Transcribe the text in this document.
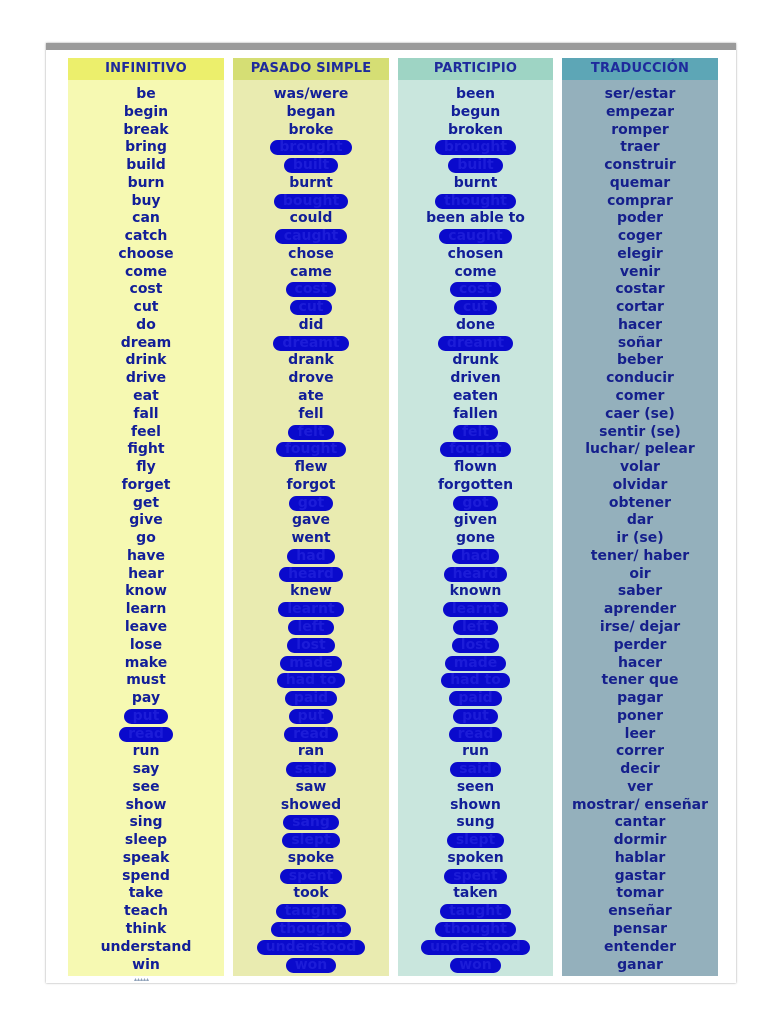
INFINITIVO
be
begin
break
bring
build
burn
buy
can
catch
choose
come
cost
cut
do
dream
drink
drive
eat
fall
feel
fight
fly
forget
get
give
go
have
hear
know
learn
leave
lose
make
must
pay
put
read
run
say
see
show
sing
sleep
speak
spend
take
teach
think
understand
win
PASADO SIMPLE
was/were
began
broke
brought
built
burnt
bought
could
caught
chose
came
cost
cut
did
dreamt
drank
drove
ate
fell
felt
fought
flew
forgot
got
gave
went
had
heard
knew
learnt
left
lost
made
had to
paid
put
read
ran
said
saw
showed
sang
slept
spoke
spent
took
taught
thought
understood
won
PARTICIPIO
been
begun
broken
brought
built
burnt
thought
been able to
caught
chosen
come
cost
cut
done
dreamt
drunk
driven
eaten
fallen
felt
fought
flown
forgotten
got
given
gone
had
heard
known
learnt
left
lost
made
had to
paid
put
read
run
said
seen
shown
sung
slept
spoken
spent
taken
taught
thought
understood
won
TRADUCCIÓN
ser/estar
empezar
romper
traer
construir
quemar
comprar
poder
coger
elegir
venir
costar
cortar
hacer
soñar
beber
conducir
comer
caer (se)
sentir (se)
luchar/ pelear
volar
olvidar
obtener
dar
ir (se)
tener/ haber
oir
saber
aprender
irse/ dejar
perder
hacer
tener que
pagar
poner
leer
correr
decir
ver
mostrar/ enseñar
cantar
dormir
hablar
gastar
tomar
enseñar
pensar
entender
ganar
▴▴▴▴▴
